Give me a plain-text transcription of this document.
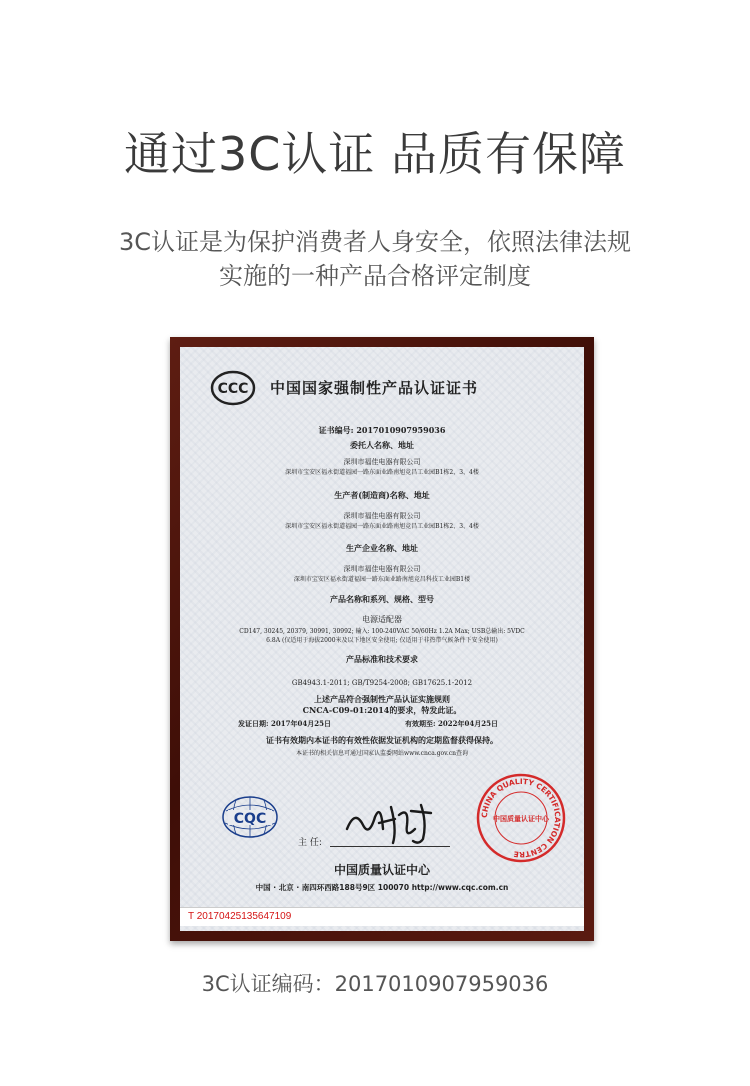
通过3C认证 品质有保障
3C认证是为保护消费者人身安全，依照法律法规
实施的一种产品合格评定制度
CCC 中国国家强制性产品认证证书
证书编号: 2017010907959036
委托人名称、地址
深圳市福佳电器有限公司
深圳市宝安区福永街道福园一路东面业路南旭竞昌工业园B1栋2、3、4楼
生产者(制造商)名称、地址
深圳市福佳电器有限公司
深圳市宝安区福永街道福园一路东面业路南旭竞昌工业园B1栋2、3、4楼
生产企业名称、地址
深圳市福佳电器有限公司
深圳市宝安区福永街道福园一路东面业路南旭竞昌科技工业园B1楼
产品名称和系列、规格、型号
电源适配器
CD147, 30245, 20379, 30991, 30992; 输入: 100-240VAC 50/60Hz 1.2A Max; USB总输出: 5VDC
6.8A (仅适用于海拔2000米及以下地区安全使用; 仅适用于非热带气候条件下安全使用)
产品标准和技术要求
GB4943.1-2011; GB/T9254-2008; GB17625.1-2012
上述产品符合强制性产品认证实施规则
CNCA-C09-01:2014的要求，特发此证。
发证日期: 2017年04月25日	有效期至: 2022年04月25日
证书有效期内本证书的有效性依据发证机构的定期监督获得保持。
本证书的相关信息可通过国家认监委网站www.cnca.gov.cn查询
CQC
主 任:
CHINA QUALITY CERTIFICATION CENTRE
中国质量认证中心
中国质量认证中心
中国 · 北京 · 南四环西路188号9区 100070 http://www.cqc.com.cn
T 20170425135647109
3C认证编码：2017010907959036
